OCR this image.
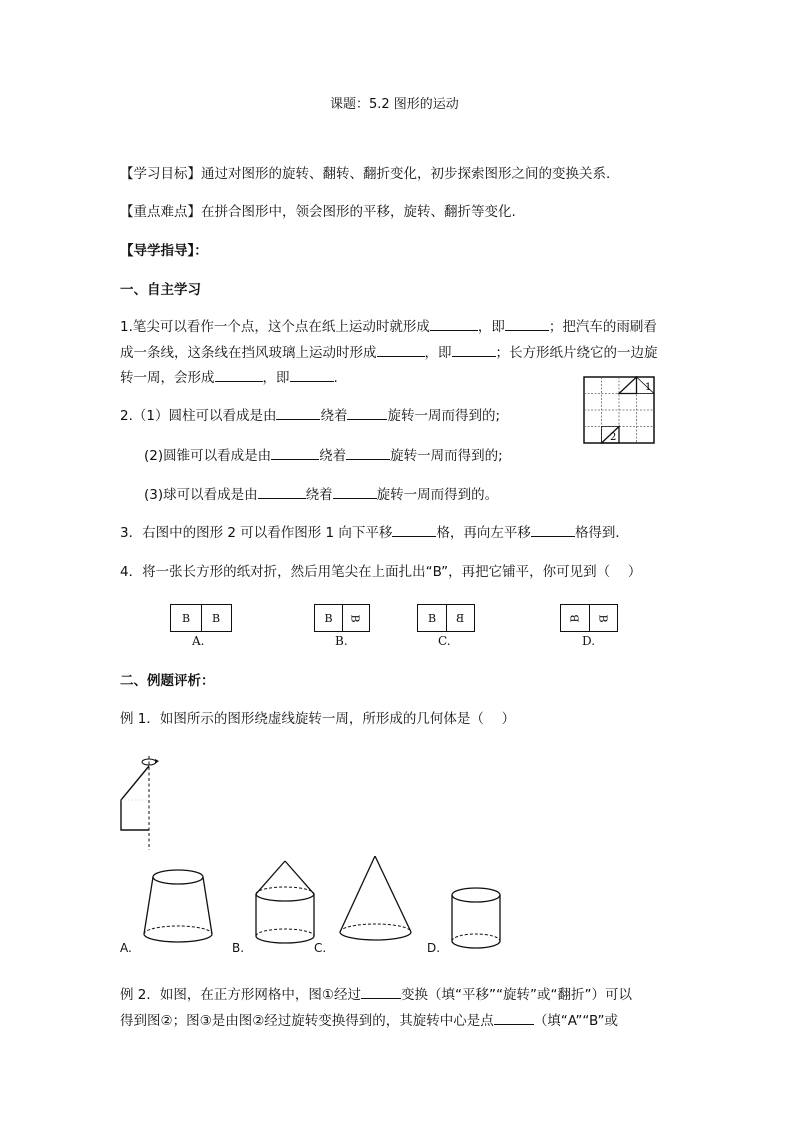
课题：5.2 图形的运动
【学习目标】通过对图形的旋转、翻转、翻折变化，初步探索图形之间的变换关系.
【重点难点】在拼合图形中，领会图形的平移，旋转、翻折等变化.
【导学指导】：
一、自主学习
1.笔尖可以看作一个点，这个点在纸上运动时就形成	，即	；把汽车的雨刷看
成一条线，这条线在挡风玻璃上运动时形成	，即	；长方形纸片绕它的一边旋
转一周，会形成	，即	.
1
2
2.（1）圆柱可以看成是由	绕着	旋转一周而得到的;
(2)圆锥可以看成是由	绕着	旋转一周而得到的;
(3)球可以看成是由	绕着	旋转一周而得到的。
3．右图中的图形 2 可以看作图形 1 向下平移	格，再向左平移	格得到．
4．将一张长方形的纸对折，然后用笔尖在上面扎出“B”，再把它铺平，你可见到（　 ）
B B
A.
B B
B.
B B
C.
B B
D.
二、例题评析：
例 1．如图所示的图形绕虚线旋转一周，所形成的几何体是（　 ）
A.	B.	C.	D.
例 2．如图，在正方形网格中，图①经过	变换（填“平移”“旋转”或“翻折”）可以
得到图②；图③是由图②经过旋转变换得到的，其旋转中心是点	（填“A”“B”或
